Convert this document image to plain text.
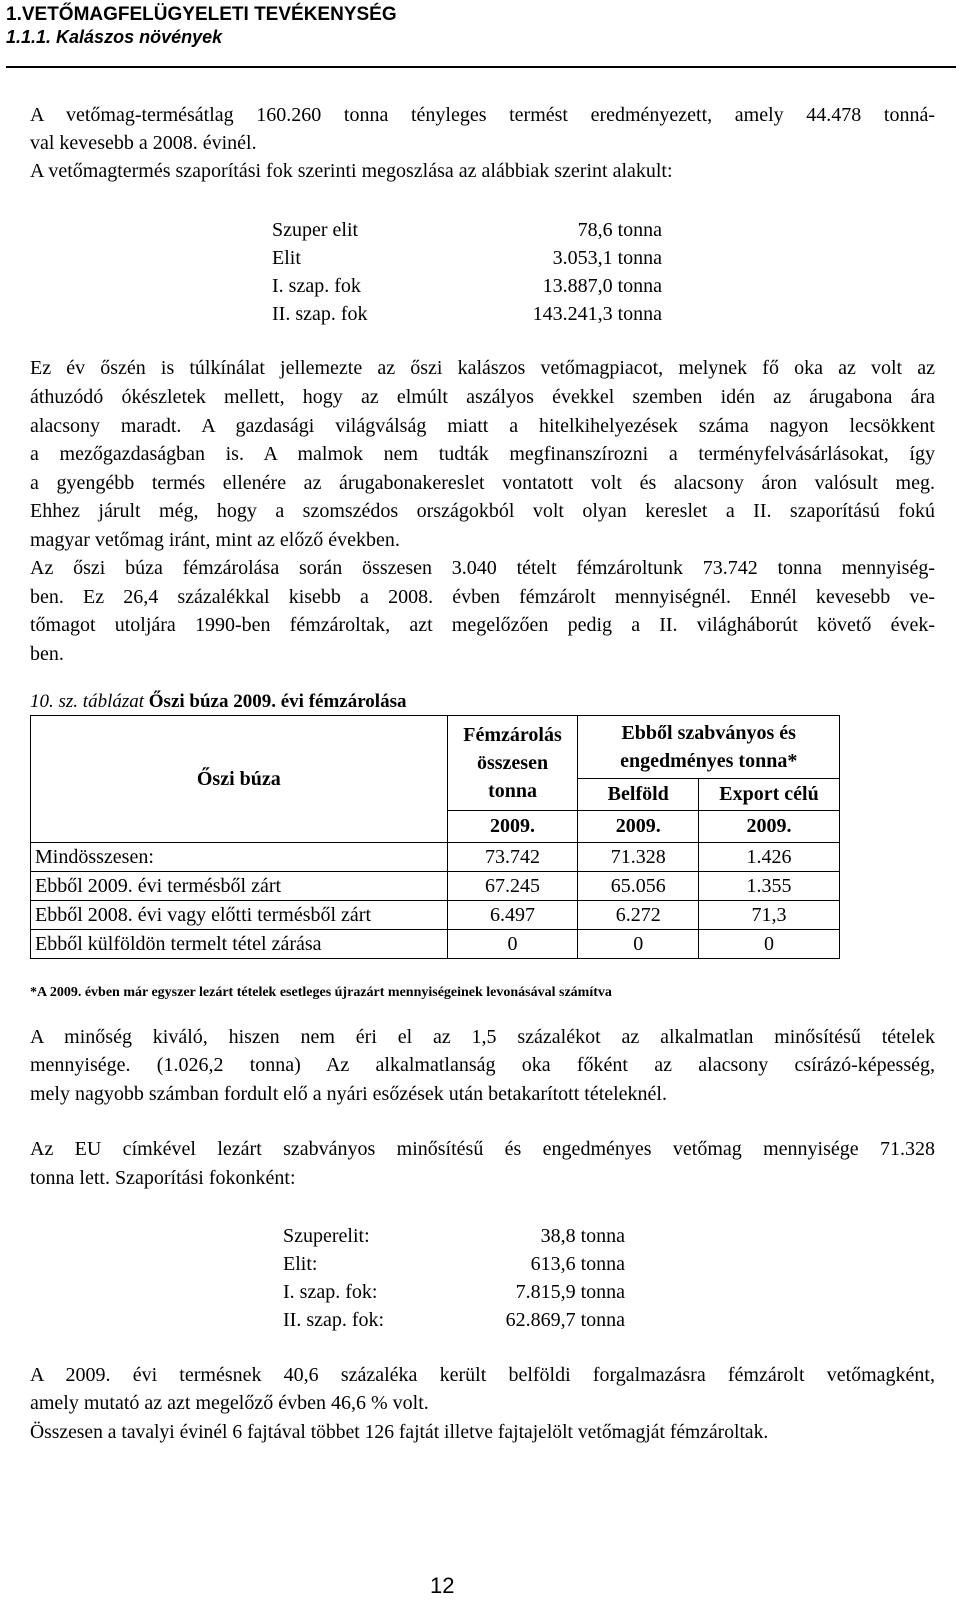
1.VETŐMAGFELÜGYELETI TEVÉKENYSÉG
1.1.1. Kalászos növények
A vetőmag-termésátlag 160.260 tonna tényleges termést eredményezett, amely 44.478 tonná-
val kevesebb a 2008. évinél.
A vetőmagtermés szaporítási fok szerinti megoszlása az alábbiak szerint alakult:
Szuper elit	78,6 tonna
Elit	3.053,1 tonna
I. szap. fok	13.887,0 tonna
II. szap. fok	143.241,3 tonna
Ez év őszén is túlkínálat jellemezte az őszi kalászos vetőmagpiacot, melynek fő oka az volt az
áthuzódó ókészletek mellett, hogy az elmúlt aszályos évekkel szemben idén az árugabona ára
alacsony maradt. A gazdasági világválság miatt a hitelkihelyezések száma nagyon lecsökkent
a mezőgazdaságban is. A malmok nem tudták megfinanszírozni a terményfelvásárlásokat, így
a gyengébb termés ellenére az árugabonakereslet vontatott volt és alacsony áron valósult meg.
Ehhez járult még, hogy a szomszédos országokból volt olyan kereslet a II. szaporítású fokú
magyar vetőmag iránt, mint az előző években.
Az őszi búza fémzárolása során összesen 3.040 tételt fémzároltunk 73.742 tonna mennyiség-
ben. Ez 26,4 százalékkal kisebb a 2008. évben fémzárolt mennyiségnél. Ennél kevesebb ve-
tőmagot utoljára 1990-ben fémzároltak, azt megelőzően pedig a II. világháborút követő évek-
ben.
10. sz. táblázat Őszi búza 2009. évi fémzárolása
Őszi búza	Fémzárolás összesen tonna	Ebből szabványos és engedményes tonna*	
		Belföld	Export célú
	2009.	2009.	2009.
Mindösszesen:	73.742	71.328	1.426
Ebből 2009. évi termésből zárt	67.245	65.056	1.355
Ebből 2008. évi vagy előtti termésből zárt	6.497	6.272	71,3
Ebből külföldön termelt tétel zárása	0	0	0
*A 2009. évben már egyszer lezárt tételek esetleges újrazárt mennyiségeinek levonásával számítva
A minőség kiváló, hiszen nem éri el az 1,5 százalékot az alkalmatlan minősítésű tételek
mennyisége. (1.026,2 tonna) Az alkalmatlanság oka főként az alacsony csírázó-képesség,
mely nagyobb számban fordult elő a nyári esőzések után betakarított tételeknél.
Az EU címkével lezárt szabványos minősítésű és engedményes vetőmag mennyisége 71.328
tonna lett. Szaporítási fokonként:
Szuperelit:	38,8 tonna
Elit:	613,6 tonna
I. szap. fok:	7.815,9 tonna
II. szap. fok:	62.869,7 tonna
A 2009. évi termésnek 40,6 százaléka került belföldi forgalmazásra fémzárolt vetőmagként,
amely mutató az azt megelőző évben 46,6 % volt.
Összesen a tavalyi évinél 6 fajtával többet 126 fajtát illetve fajtajelölt vetőmagját fémzároltak.
12
